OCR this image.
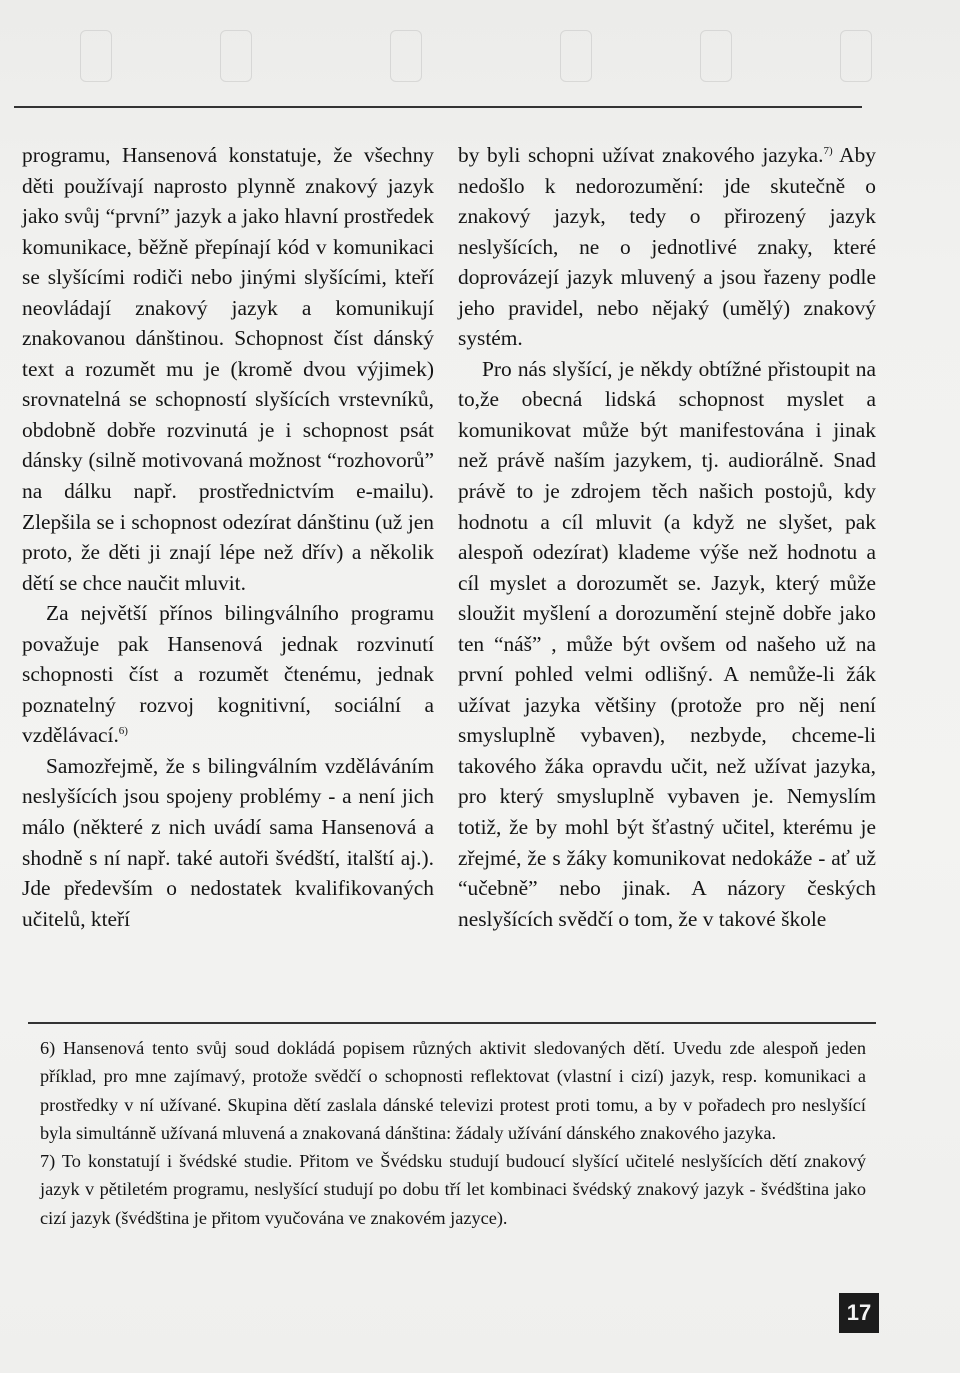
programu, Hansenová konstatuje, že všechny děti používají naprosto plynně znakový jazyk jako svůj “první” jazyk a jako hlavní prostředek komunikace, běžně přepínají kód v komunikaci se slyšícími rodiči nebo jinými slyšícími, kteří neovládají znakový jazyk a komunikují znakovanou dánštinou. Schopnost číst dánský text a rozumět mu je (kromě dvou výjimek) srovnatelná se schopností slyšících vrstevníků, obdobně dobře rozvinutá je i schopnost psát dánsky (silně motivovaná možnost “rozhovorů” na dálku např. prostřednictvím e-mailu). Zlepšila se i schopnost odezírat dánštinu (už jen proto, že děti ji znají lépe než dřív) a několik dětí se chce naučit mluvit.

Za největší přínos bilingválního programu považuje pak Hansenová jednak rozvinutí schopnosti číst a rozumět čtenému, jednak poznatelný rozvoj kognitivní, sociální a vzdělávací.$^{6)}$

Samozřejmě, že s bilingválním vzděláváním neslyšících jsou spojeny problémy - a není jich málo (některé z nich uvádí sama Hansenová a shodně s ní např. také autoři švédští, italští aj.). Jde především o nedostatek kvalifikovaných učitelů, kteří

by byli schopni užívat znakového jazyka.$^{7)}$ Aby nedošlo k nedorozumění: jde skutečně o znakový jazyk, tedy o přirozený jazyk neslyšících, ne o jednotlivé znaky, které doprovázejí jazyk mluvený a jsou řazeny podle jeho pravidel, nebo nějaký (umělý) znakový systém.

Pro nás slyšící, je někdy obtížné přistoupit na to,že obecná lidská schopnost myslet a komunikovat může být manifestována i jinak než právě naším jazykem, tj. audiorálně. Snad právě to je zdrojem těch našich postojů, kdy hodnotu a cíl mluvit (a když ne slyšet, pak alespoň odezírat) klademe výše než hodnotu a cíl myslet a dorozumět se. Jazyk, který může sloužit myšlení a dorozumění stejně dobře jako ten “náš” , může být ovšem od našeho už na první pohled velmi odlišný. A nemůže-li žák užívat jazyka většiny (protože pro něj není smysluplně vybaven), nezbyde, chceme-li takového žáka opravdu učit, než užívat jazyka, pro který smysluplně vybaven je. Nemyslím totiž, že by mohl být šťastný učitel, kterému je zřejmé, že s žáky komunikovat nedokáže - ať už “učebně” nebo jinak. A názory českých neslyšících svědčí o tom, že v takové škole

6) Hansenová tento svůj soud dokládá popisem různých aktivit sledovaných dětí. Uvedu zde alespoň jeden příklad, pro mne zajímavý, protože svědčí o schopnosti reflektovat (vlastní i cizí) jazyk, resp. komunikaci a prostředky v ní užívané. Skupina dětí zaslala dánské televizi protest proti tomu, a by v pořadech pro neslyšící byla simultánně užívaná mluvená a znakovaná dánština: žádaly užívání dánského znakového jazyka.

7) To konstatují i švédské studie. Přitom ve Švédsku studují budoucí slyšící učitelé neslyšících dětí znakový jazyk v pětiletém programu, neslyšící studují po dobu tří let kombinaci švédský znakový jazyk - švédština jako cizí jazyk (švédština je přitom vyučována ve znakovém jazyce).

17
